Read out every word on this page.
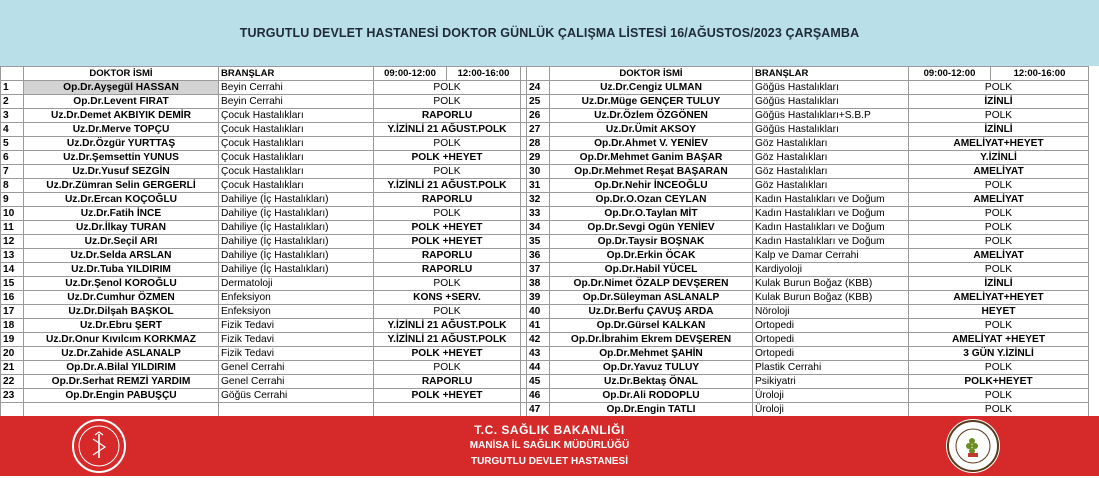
TURGUTLU DEVLET HASTANESİ DOKTOR GÜNLÜK ÇALIŞMA LİSTESİ 16/AĞUSTOS/2023 ÇARŞAMBA
	DOKTOR İSMİ	BRANŞLAR	09:00-12:00	12:00-16:00			DOKTOR İSMİ	BRANŞLAR	09:00-12:00	12:00-16:00
1	Op.Dr.Ayşegül HASSAN	Beyin Cerrahi	POLK			24	Uz.Dr.Cengiz ULMAN	Göğüs Hastalıkları	POLK	
2	Op.Dr.Levent FIRAT	Beyin Cerrahi	POLK			25	Uz.Dr.Müge GENÇER TULUY	Göğüs Hastalıkları	İZİNLİ	
3	Uz.Dr.Demet AKBIYIK DEMİR	Çocuk Hastalıkları	RAPORLU			26	Uz.Dr.Özlem ÖZGÖNEN	Göğüs Hastalıkları+S.B.P	POLK	
4	Uz.Dr.Merve TOPÇU	Çocuk Hastalıkları	Y.İZİNLİ 21 AĞUST.POLK			27	Uz.Dr.Ümit AKSOY	Göğüs Hastalıkları	İZİNLİ	
5	Uz.Dr.Özgür YURTTAŞ	Çocuk Hastalıkları	POLK			28	Op.Dr.Ahmet V. YENİEV	Göz Hastalıkları	AMELİYAT+HEYET	
6	Uz.Dr.Şemsettin YUNUS	Çocuk Hastalıkları	POLK +HEYET			29	Op.Dr.Mehmet Ganim BAŞAR	Göz Hastalıkları	Y.İZİNLİ	
7	Uz.Dr.Yusuf SEZGİN	Çocuk Hastalıkları	POLK			30	Op.Dr.Mehmet Reşat BAŞARAN	Göz Hastalıkları	AMELİYAT	
8	Uz.Dr.Zümran Selin GERGERLİ	Çocuk Hastalıkları	Y.İZİNLİ 21 AĞUST.POLK			31	Op.Dr.Nehir İNCEOĞLU	Göz Hastalıkları	POLK	
9	Uz.Dr.Ercan KOÇOĞLU	Dahiliye (İç Hastalıkları)	RAPORLU			32	Op.Dr.O.Ozan CEYLAN	Kadın Hastalıkları ve Doğum	AMELİYAT	
10	Uz.Dr.Fatih İNCE	Dahiliye (İç Hastalıkları)	POLK			33	Op.Dr.O.Taylan MİT	Kadın Hastalıkları ve Doğum	POLK	
11	Uz.Dr.İlkay TURAN	Dahiliye (İç Hastalıkları)	POLK +HEYET			34	Op.Dr.Sevgi Ogün YENİEV	Kadın Hastalıkları ve Doğum	POLK	
12	Uz.Dr.Seçil ARI	Dahiliye (İç Hastalıkları)	POLK +HEYET			35	Op.Dr.Taysir BOŞNAK	Kadın Hastalıkları ve Doğum	POLK	
13	Uz.Dr.Selda ARSLAN	Dahiliye (İç Hastalıkları)	RAPORLU			36	Op.Dr.Erkin ÖCAK	Kalp ve Damar Cerrahi	AMELİYAT	
14	Uz.Dr.Tuba YILDIRIM	Dahiliye (İç Hastalıkları)	RAPORLU			37	Op.Dr.Habil YÜCEL	Kardiyoloji	POLK	
15	Uz.Dr.Şenol KOROĞLU	Dermatoloji	POLK			38	Op.Dr.Nimet ÖZALP DEVŞEREN	Kulak Burun Boğaz (KBB)	İZİNLİ	
16	Uz.Dr.Cumhur ÖZMEN	Enfeksiyon	KONS +SERV.			39	Op.Dr.Süleyman ASLANALP	Kulak Burun Boğaz (KBB)	AMELİYAT+HEYET	
17	Uz.Dr.Dilşah BAŞKOL	Enfeksiyon	POLK			40	Uz.Dr.Berfu ÇAVUŞ ARDA	Nöroloji	HEYET	
18	Uz.Dr.Ebru ŞERT	Fizik Tedavi	Y.İZİNLİ 21 AĞUST.POLK			41	Op.Dr.Gürsel KALKAN	Ortopedi	POLK	
19	Uz.Dr.Onur Kıvılcım KORKMAZ	Fizik Tedavi	Y.İZİNLİ 21 AĞUST.POLK			42	Op.Dr.İbrahim Ekrem DEVŞEREN	Ortopedi	AMELİYAT +HEYET	
20	Uz.Dr.Zahide ASLANALP	Fizik Tedavi	POLK +HEYET			43	Op.Dr.Mehmet ŞAHİN	Ortopedi	3 GÜN Y.İZİNLİ	
21	Op.Dr.A.Bilal YILDIRIM	Genel Cerrahi	POLK			44	Op.Dr.Yavuz TULUY	Plastik Cerrahi	POLK	
22	Op.Dr.Serhat REMZİ YARDIM	Genel Cerrahi	RAPORLU			45	Uz.Dr.Bektaş ÖNAL	Psikiyatri	POLK+HEYET	
23	Op.Dr.Engin PABUŞÇU	Göğüs Cerrahi	POLK +HEYET			46	Op.Dr.Ali RODOPLU	Üroloji	POLK	
						47	Op.Dr.Engin TATLI	Üroloji	POLK	
T.C. SAĞLIK BAKANLIĞI
MANİSA İL SAĞLIK MÜDÜRLÜĞÜ
TURGUTLU DEVLET HASTANESİ
